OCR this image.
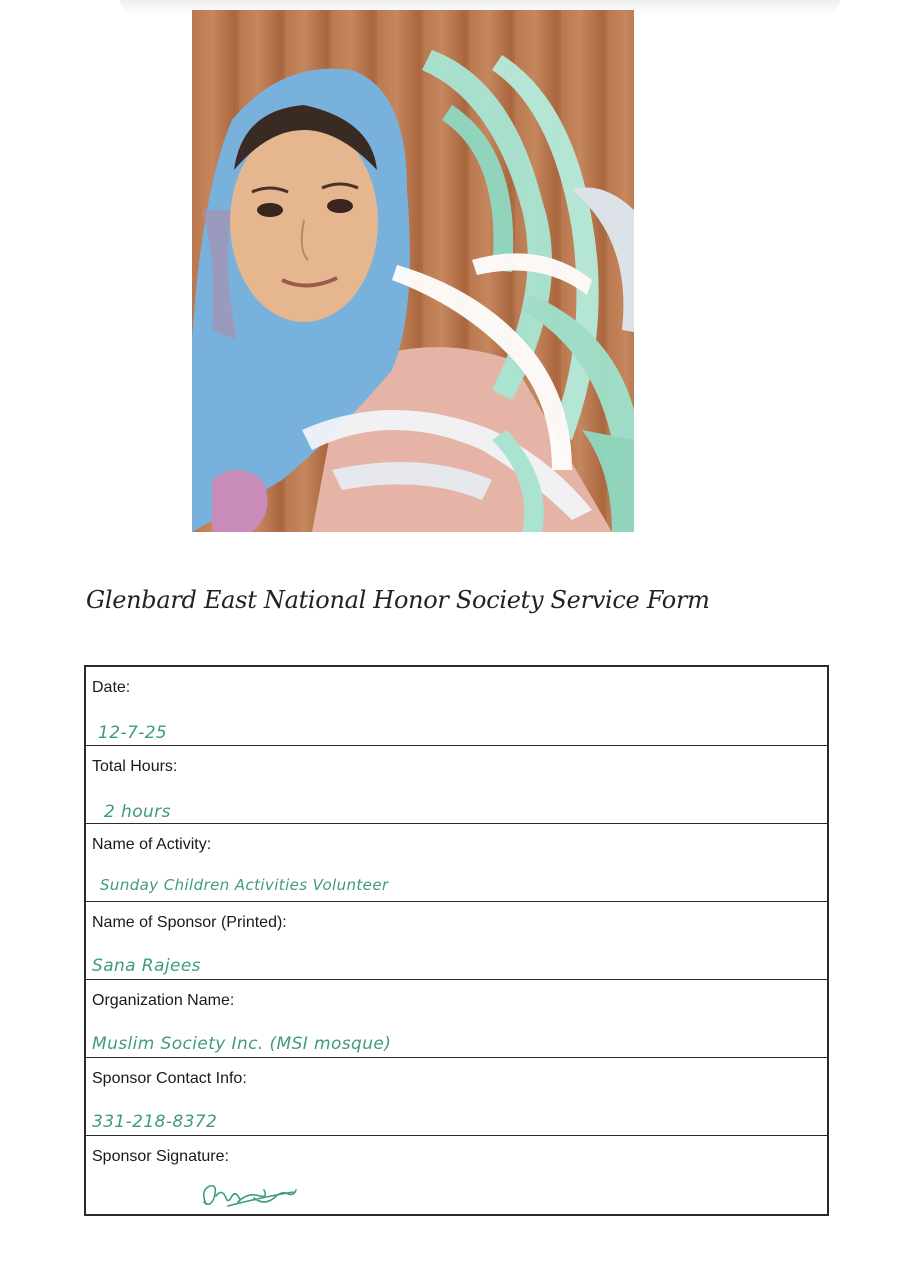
Glenbard East National Honor Society Service Form
Date:
12-7-25
Total Hours:
2 hours
Name of Activity:
Sunday Children Activities Volunteer
Name of Sponsor (Printed):
Sana Rajees
Organization Name:
Muslim Society Inc. (MSI mosque)
Sponsor Contact Info:
331-218-8372
Sponsor Signature:
